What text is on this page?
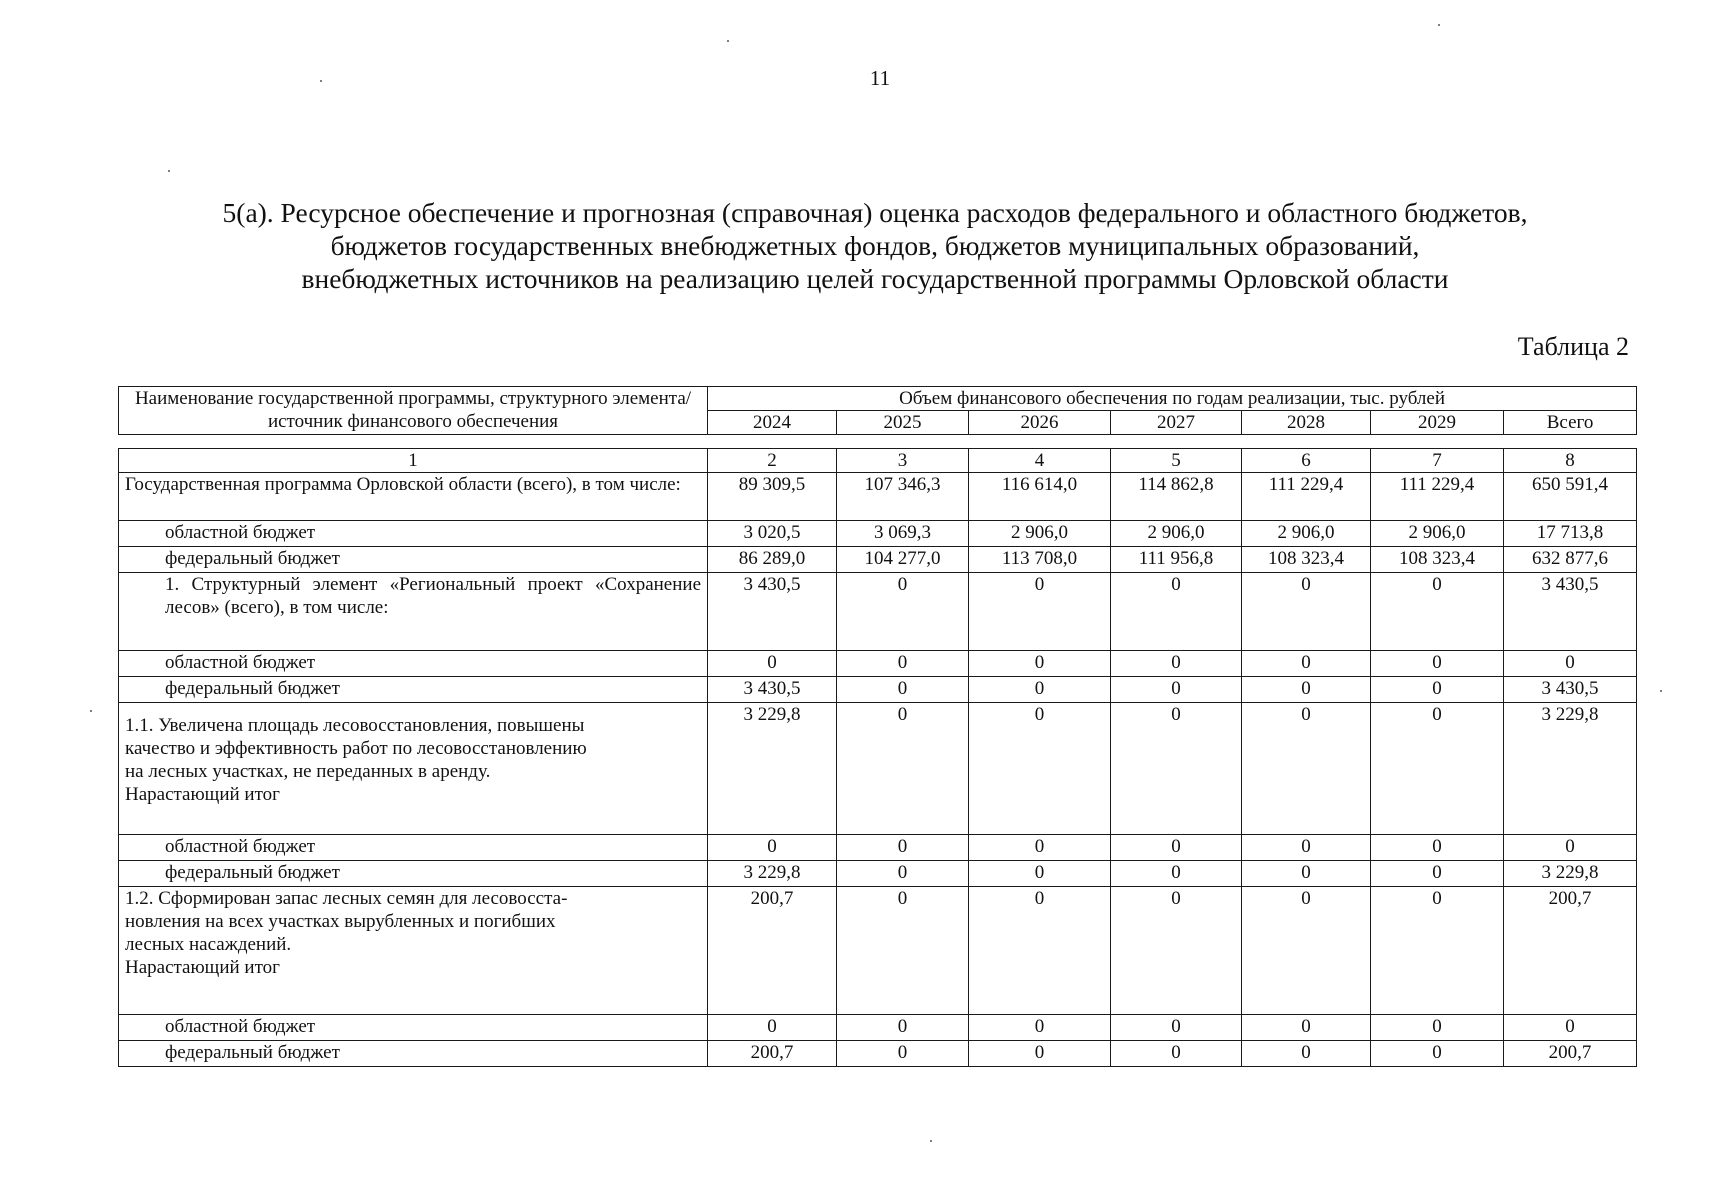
11
5(а). Ресурсное обеспечение и прогнозная (справочная) оценка расходов федерального и областного бюджетов,
бюджетов государственных внебюджетных фондов, бюджетов муниципальных образований,
внебюджетных источников на реализацию целей государственной программы Орловской области
Таблица 2
Наименование государственной программы, структурного элемента/источник финансового обеспечения	Объем финансового обеспечения по годам реализации, тыс. рублей						
	2024	2025	2026	2027	2028	2029	Всего
1	2	3	4	5	6	7	8
Государственная программа Орловской области (всего), в том числе:	89 309,5	107 346,3	116 614,0	114 862,8	111 229,4	111 229,4	650 591,4
областной бюджет	3 020,5	3 069,3	2 906,0	2 906,0	2 906,0	2 906,0	17 713,8
федеральный бюджет	86 289,0	104 277,0	113 708,0	111 956,8	108 323,4	108 323,4	632 877,6
1. Структурный элемент «Региональный проект «Сохранение лесов» (всего), в том числе:	3 430,5	0	0	0	0	0	3 430,5
областной бюджет	0	0	0	0	0	0	0
федеральный бюджет	3 430,5	0	0	0	0	0	3 430,5

1.1. Увеличена площадь лесовосстановления, повышены
качество и эффективность работ по лесовосстановлению
на лесных участках, не переданных в аренду.
Нарастающий итог	3 229,8	0	0	0	0	0	3 229,8
областной бюджет	0	0	0	0	0	0	0
федеральный бюджет	3 229,8	0	0	0	0	0	3 229,8

1.2. Сформирован запас лесных семян для лесовосста-
новления на всех участках вырубленных и погибших
лесных насаждений.
Нарастающий итог	200,7	0	0	0	0	0	200,7
областной бюджет	0	0	0	0	0	0	0
федеральный бюджет	200,7	0	0	0	0	0	200,7
